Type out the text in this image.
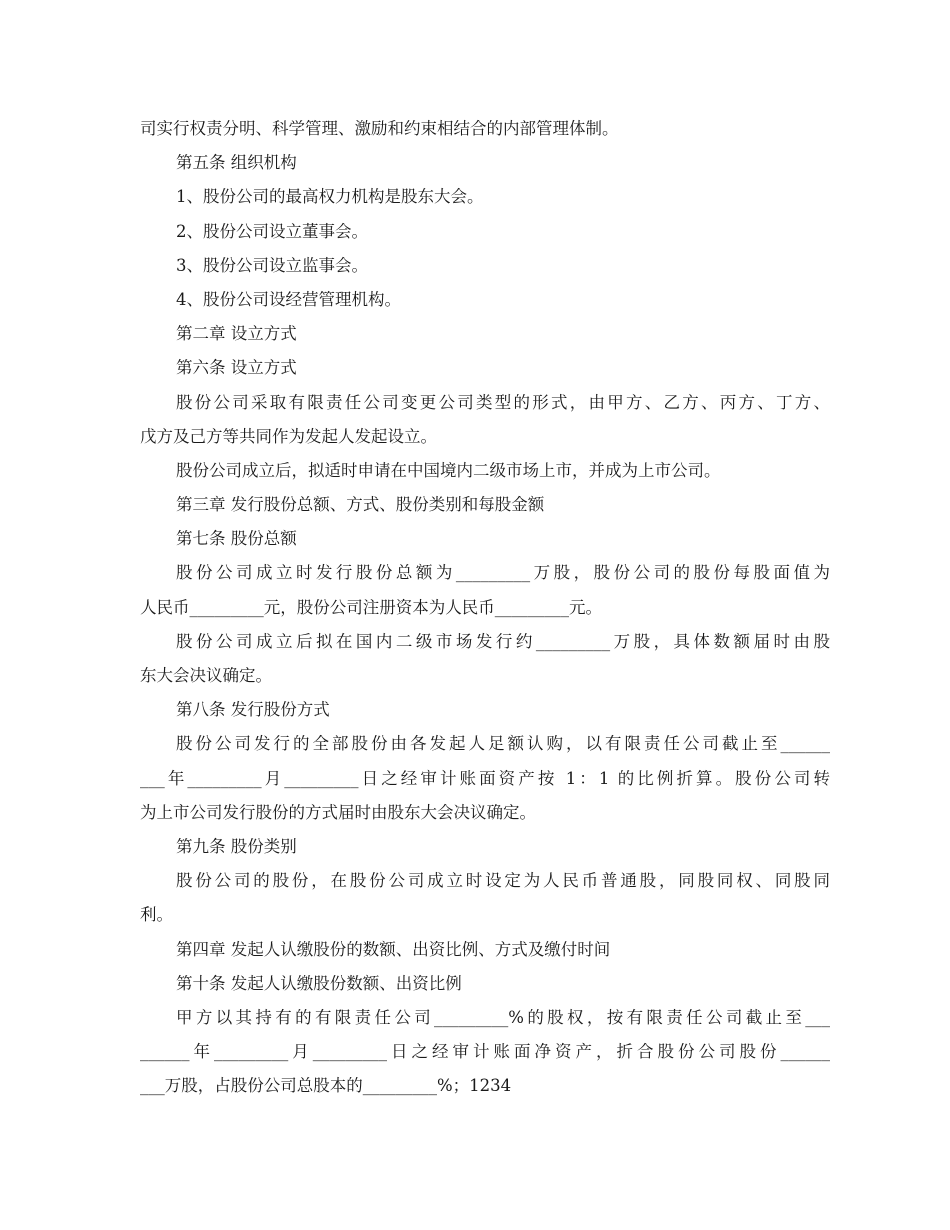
司实行权责分明、科学管理、激励和约束相结合的内部管理体制。
第五条 组织机构
1、股份公司的最高权力机构是股东大会。
2、股份公司设立董事会。
3、股份公司设立监事会。
4、股份公司设经营管理机构。
第二章 设立方式
第六条 设立方式
股份公司采取有限责任公司变更公司类型的形式，由甲方、乙方、丙方、丁方、
戊方及己方等共同作为发起人发起设立。
股份公司成立后，拟适时申请在中国境内二级市场上市，并成为上市公司。
第三章 发行股份总额、方式、股份类别和每股金额
第七条 股份总额
股份公司成立时发行股份总额为_________万股，股份公司的股份每股面值为
人民币_________元，股份公司注册资本为人民币_________元。
股份公司成立后拟在国内二级市场发行约_________万股，具体数额届时由股
东大会决议确定。
第八条 发行股份方式
股份公司发行的全部股份由各发起人足额认购，以有限责任公司截止至______
___年_________月_________日之经审计账面资产按 1：1 的比例折算。股份公司转
为上市公司发行股份的方式届时由股东大会决议确定。
第九条 股份类别
股份公司的股份，在股份公司成立时设定为人民币普通股，同股同权、同股同
利。
第四章 发起人认缴股份的数额、出资比例、方式及缴付时间
第十条 发起人认缴股份数额、出资比例
甲方以其持有的有限责任公司_________%的股权，按有限责任公司截止至___
______年_________月_________日之经审计账面净资产，折合股份公司股份______
___万股，占股份公司总股本的_________%；1234
